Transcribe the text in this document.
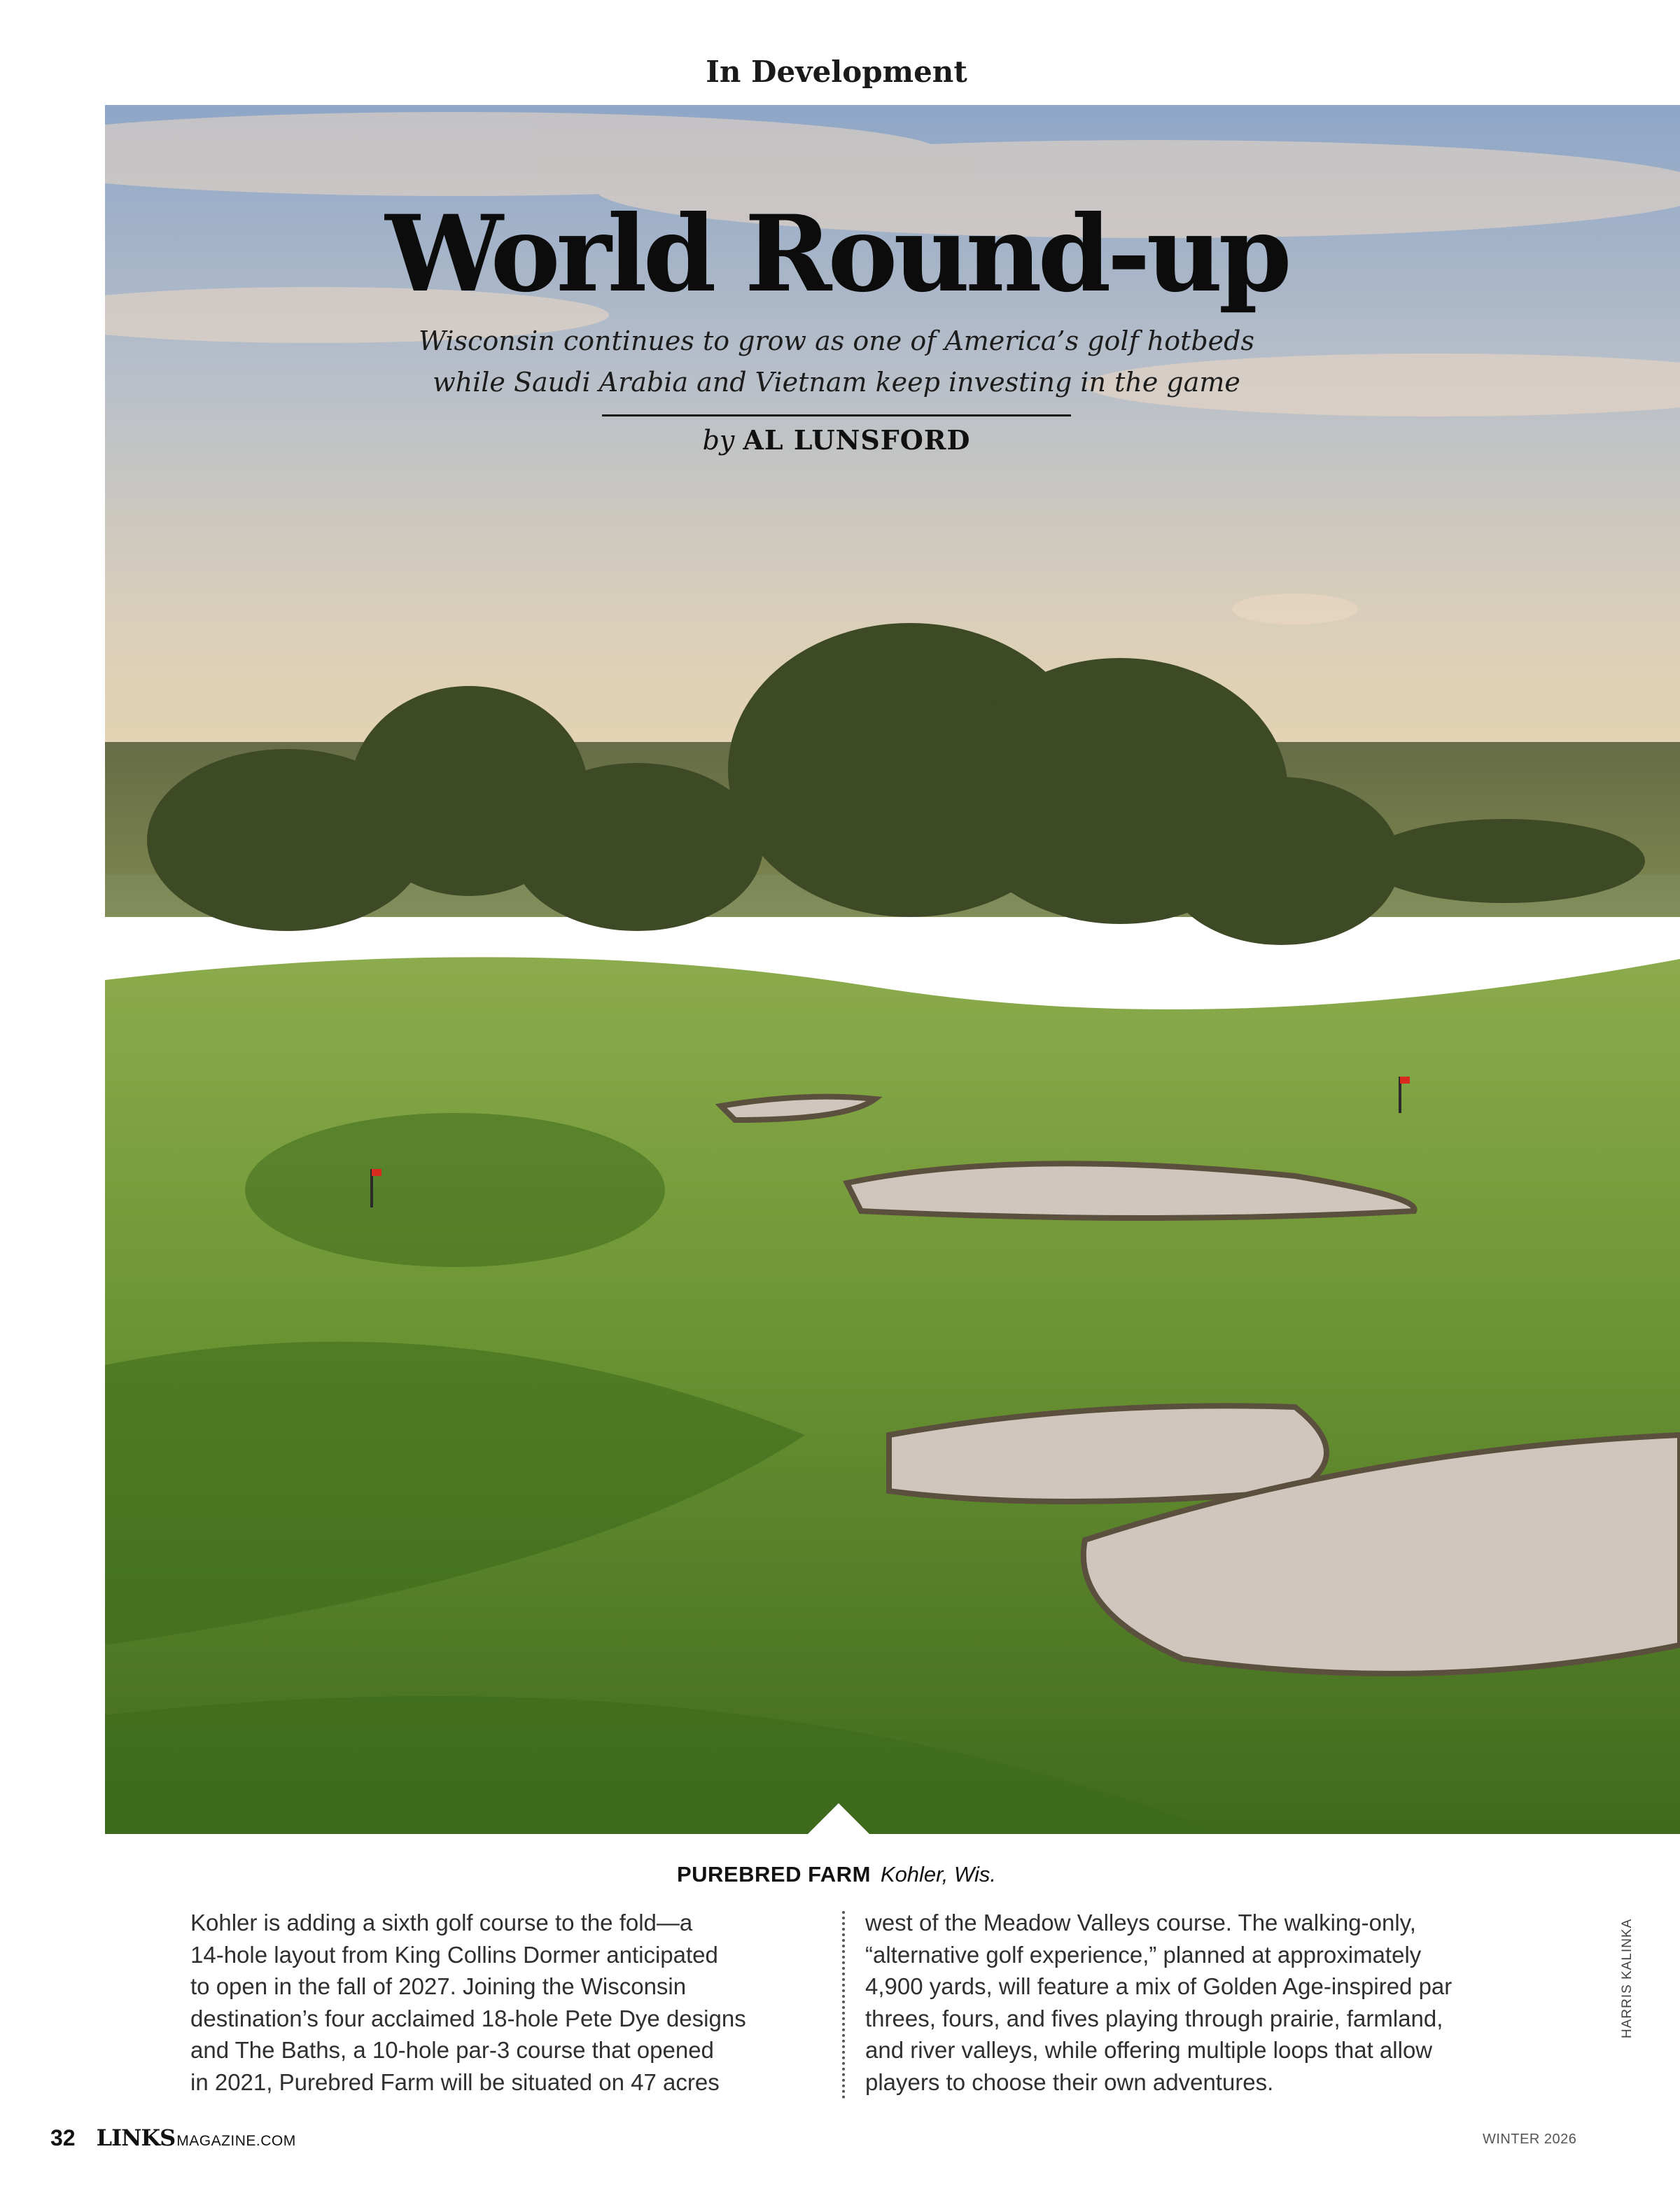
In Development
World Round-up
Wisconsin continues to grow as one of America’s golf hotbeds
while Saudi Arabia and Vietnam keep investing in the game
by AL LUNSFORD
PUREBRED FARM Kohler, Wis.
Kohler is adding a sixth golf course to the fold—a
14-hole layout from King Collins Dormer anticipated
to open in the fall of 2027. Joining the Wisconsin
destination’s four acclaimed 18-hole Pete Dye designs
and The Baths, a 10-hole par-3 course that opened
in 2021, Purebred Farm will be situated on 47 acres
west of the Meadow Valleys course. The walking-only,
“alternative golf experience,” planned at approximately
4,900 yards, will feature a mix of Golden Age-inspired par
threes, fours, and fives playing through prairie, farmland,
and river valleys, while offering multiple loops that allow
players to choose their own adventures.
HARRIS KALINKA
32 LINKSMAGAZINE.COM	WINTER 2026
